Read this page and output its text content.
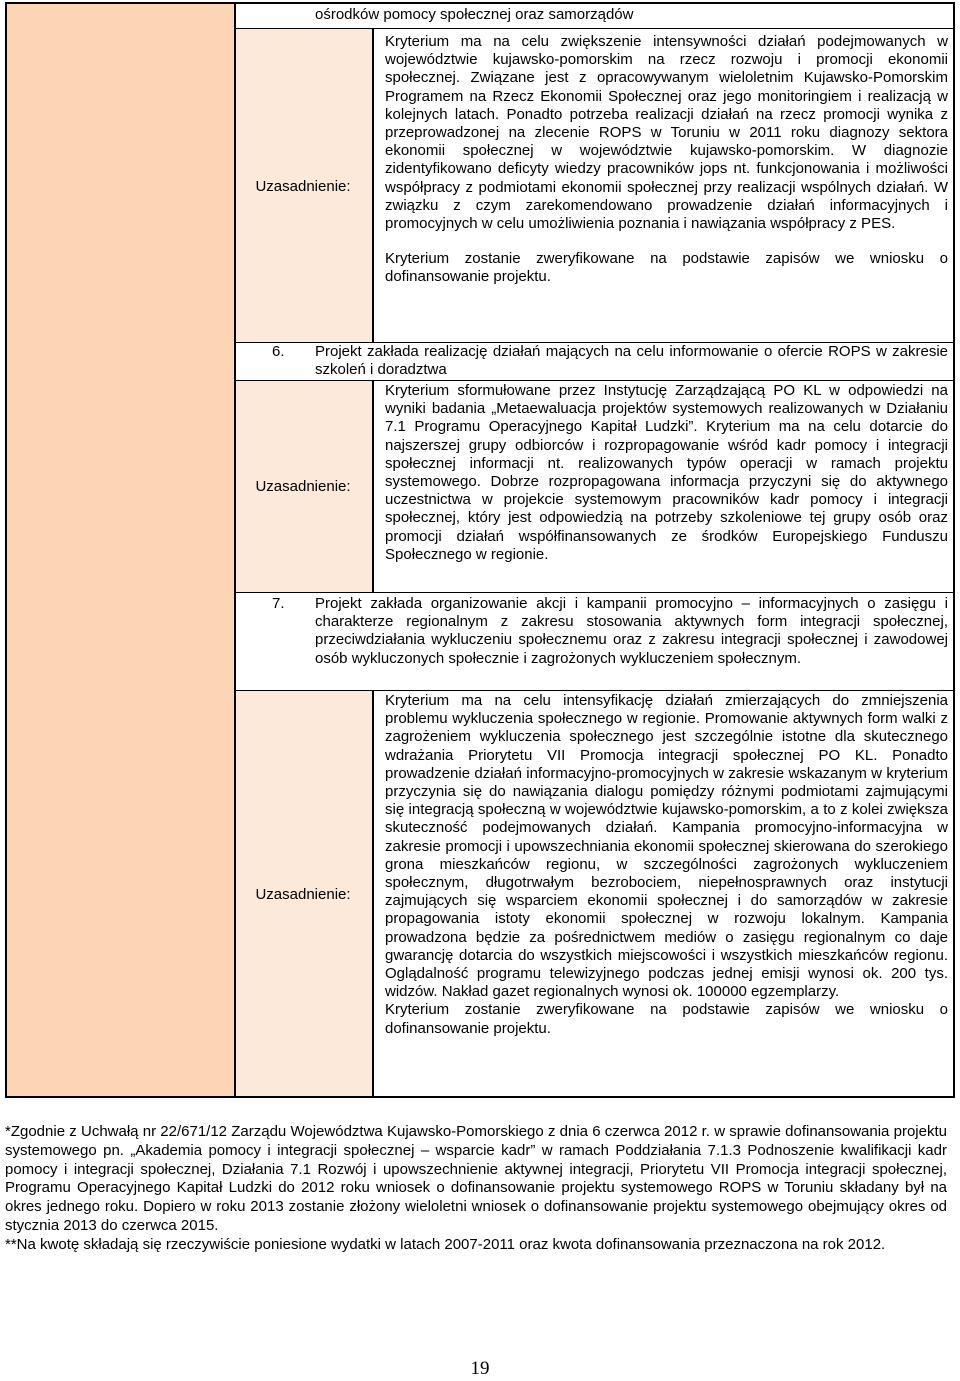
ośrodków pomocy społecznej oraz samorządów

Uzasadnienie:

Kryterium ma na celu zwiększenie intensywności działań podejmowanych w województwie kujawsko-pomorskim na rzecz rozwoju i promocji ekonomii społecznej. Związane jest z opracowywanym wieloletnim Kujawsko-Pomorskim Programem na Rzecz Ekonomii Społecznej oraz jego monitoringiem i realizacją w kolejnych latach. Ponadto potrzeba realizacji działań na rzecz promocji wynika z przeprowadzonej na zlecenie ROPS w Toruniu w 2011 roku diagnozy sektora ekonomii społecznej w województwie kujawsko-pomorskim. W diagnozie zidentyfikowano deficyty wiedzy pracowników jops nt. funkcjonowania i możliwości współpracy z podmiotami ekonomii społecznej przy realizacji wspólnych działań. W związku z czym zarekomendowano prowadzenie działań informacyjnych i promocyjnych w celu umożliwienia poznania i nawiązania współpracy z PES.

Kryterium zostanie zweryfikowane na podstawie zapisów we wniosku o dofinansowanie projektu.

6. Projekt zakłada realizację działań mających na celu informowanie o ofercie ROPS w zakresie szkoleń i doradztwa

Uzasadnienie:

Kryterium sformułowane przez Instytucję Zarządzającą PO KL w odpowiedzi na wyniki badania „Metaewaluacja projektów systemowych realizowanych w Działaniu 7.1 Programu Operacyjnego Kapitał Ludzki”. Kryterium ma na celu dotarcie do najszerszej grupy odbiorców i rozpropagowanie wśród kadr pomocy i integracji społecznej informacji nt. realizowanych typów operacji w ramach projektu systemowego. Dobrze rozpropagowana informacja przyczyni się do aktywnego uczestnictwa w projekcie systemowym pracowników kadr pomocy i integracji społecznej, który jest odpowiedzią na potrzeby szkoleniowe tej grupy osób oraz promocji działań współfinansowanych ze środków Europejskiego Funduszu Społecznego w regionie.

7. Projekt zakłada organizowanie akcji i kampanii promocyjno – informacyjnych o zasięgu i charakterze regionalnym z zakresu stosowania aktywnych form integracji społecznej, przeciwdziałania wykluczeniu społecznemu oraz z zakresu integracji społecznej i zawodowej osób wykluczonych społecznie i zagrożonych wykluczeniem społecznym.

Uzasadnienie:

Kryterium ma na celu intensyfikację działań zmierzających do zmniejszenia problemu wykluczenia społecznego w regionie. Promowanie aktywnych form walki z zagrożeniem wykluczenia społecznego jest szczególnie istotne dla skutecznego wdrażania Priorytetu VII Promocja integracji społecznej PO KL. Ponadto prowadzenie działań informacyjno-promocyjnych w zakresie wskazanym w kryterium przyczynia się do nawiązania dialogu pomiędzy różnymi podmiotami zajmującymi się integracją społeczną w województwie kujawsko-pomorskim, a to z kolei zwiększa skuteczność podejmowanych działań. Kampania promocyjno-informacyjna w zakresie promocji i upowszechniania ekonomii społecznej skierowana do szerokiego grona mieszkańców regionu, w szczególności zagrożonych wykluczeniem społecznym, długotrwałym bezrobociem, niepełnosprawnych oraz instytucji zajmujących się wsparciem ekonomii społecznej i do samorządów w zakresie propagowania istoty ekonomii społecznej w rozwoju lokalnym. Kampania prowadzona będzie za pośrednictwem mediów o zasięgu regionalnym co daje gwarancję dotarcia do wszystkich miejscowości i wszystkich mieszkańców regionu. Oglądalność programu telewizyjnego podczas jednej emisji wynosi ok. 200 tys. widzów. Nakład gazet regionalnych wynosi ok. 100000 egzemplarzy.

Kryterium zostanie zweryfikowane na podstawie zapisów we wniosku o dofinansowanie projektu.

*Zgodnie z Uchwałą nr 22/671/12 Zarządu Województwa Kujawsko-Pomorskiego z dnia 6 czerwca 2012 r. w sprawie dofinansowania projektu systemowego pn. „Akademia pomocy i integracji społecznej – wsparcie kadr” w ramach Poddziałania 7.1.3 Podnoszenie kwalifikacji kadr pomocy i integracji społecznej, Działania 7.1 Rozwój i upowszechnienie aktywnej integracji, Priorytetu VII Promocja integracji społecznej, Programu Operacyjnego Kapitał Ludzki do 2012 roku wniosek o dofinansowanie projektu systemowego ROPS w Toruniu składany był na okres jednego roku. Dopiero w roku 2013 zostanie złożony wieloletni wniosek o dofinansowanie projektu systemowego obejmujący okres od stycznia 2013 do czerwca 2015.

**Na kwotę składają się rzeczywiście poniesione wydatki w latach 2007-2011 oraz kwota dofinansowania przeznaczona na rok 2012.

19
